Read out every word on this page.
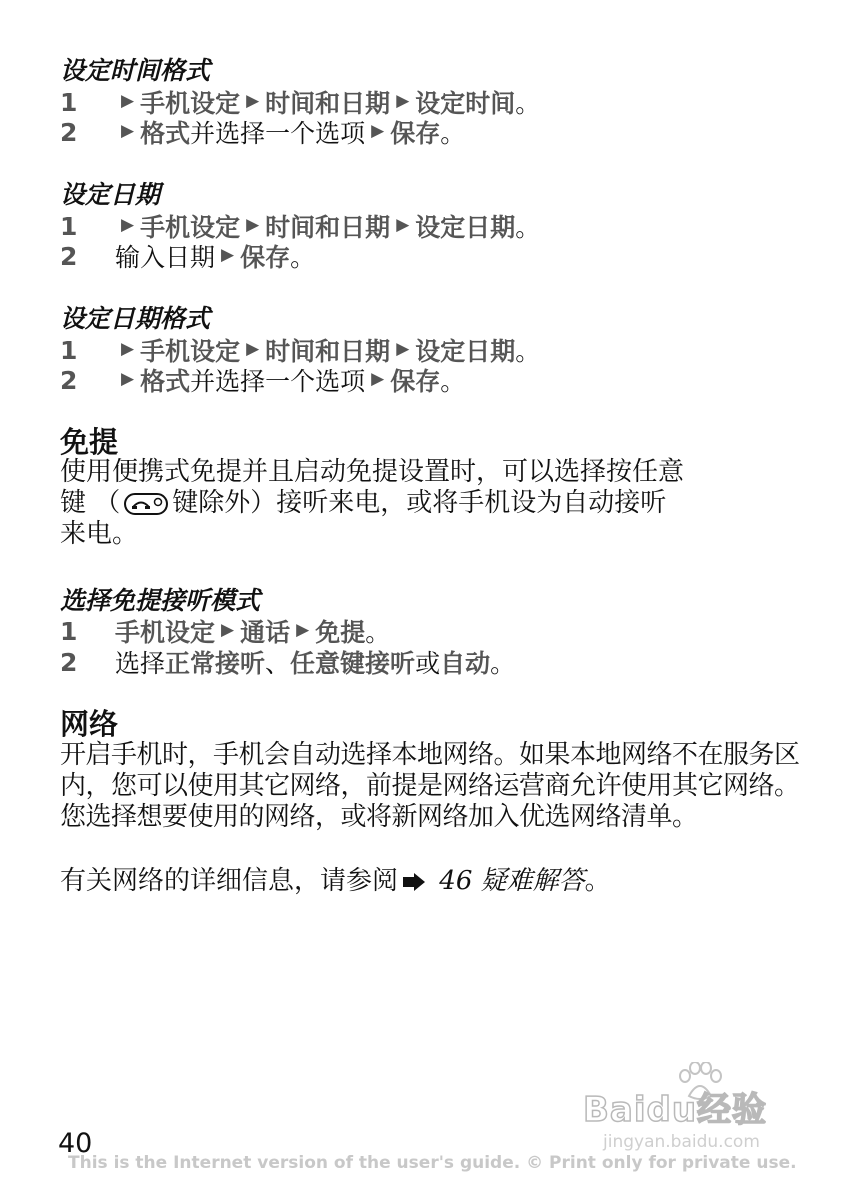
设定时间格式
1	▶ 手机设定 ▶ 时间和日期 ▶ 设定时间 。
2	▶ 格式 并选择一个选项 ▶ 保存 。
设定日期
1	▶ 手机设定 ▶ 时间和日期 ▶ 设定日期 。
2	输入日期 ▶ 保存 。
设定日期格式
1	▶ 手机设定 ▶ 时间和日期 ▶ 设定日期 。
2	▶ 格式 并选择一个选项 ▶ 保存 。
免提
使用便携式免提并且启动免提设置时，可以选择按任意
键 （ 键除外）接听来电，或将手机设为自动接听
来电。
选择免提接听模式
1	手机设定 ▶ 通话 ▶ 免提 。
2	选择 正常接听 、 任意键接听 或 自动 。
网络

开启手机时，手机会自动选择本地网络。如果本地网络不在服务区内，您可以使用其它网络，前提是网络运营商允许使用其它网络。您选择想要使用的网络，或将新网络加入优选网络清单。

有关网络的详细信息，请参阅 46 疑难解答。
Baidu经验
jingyan.baidu.com
40
This is the Internet version of the user's guide. © Print only for private use.
